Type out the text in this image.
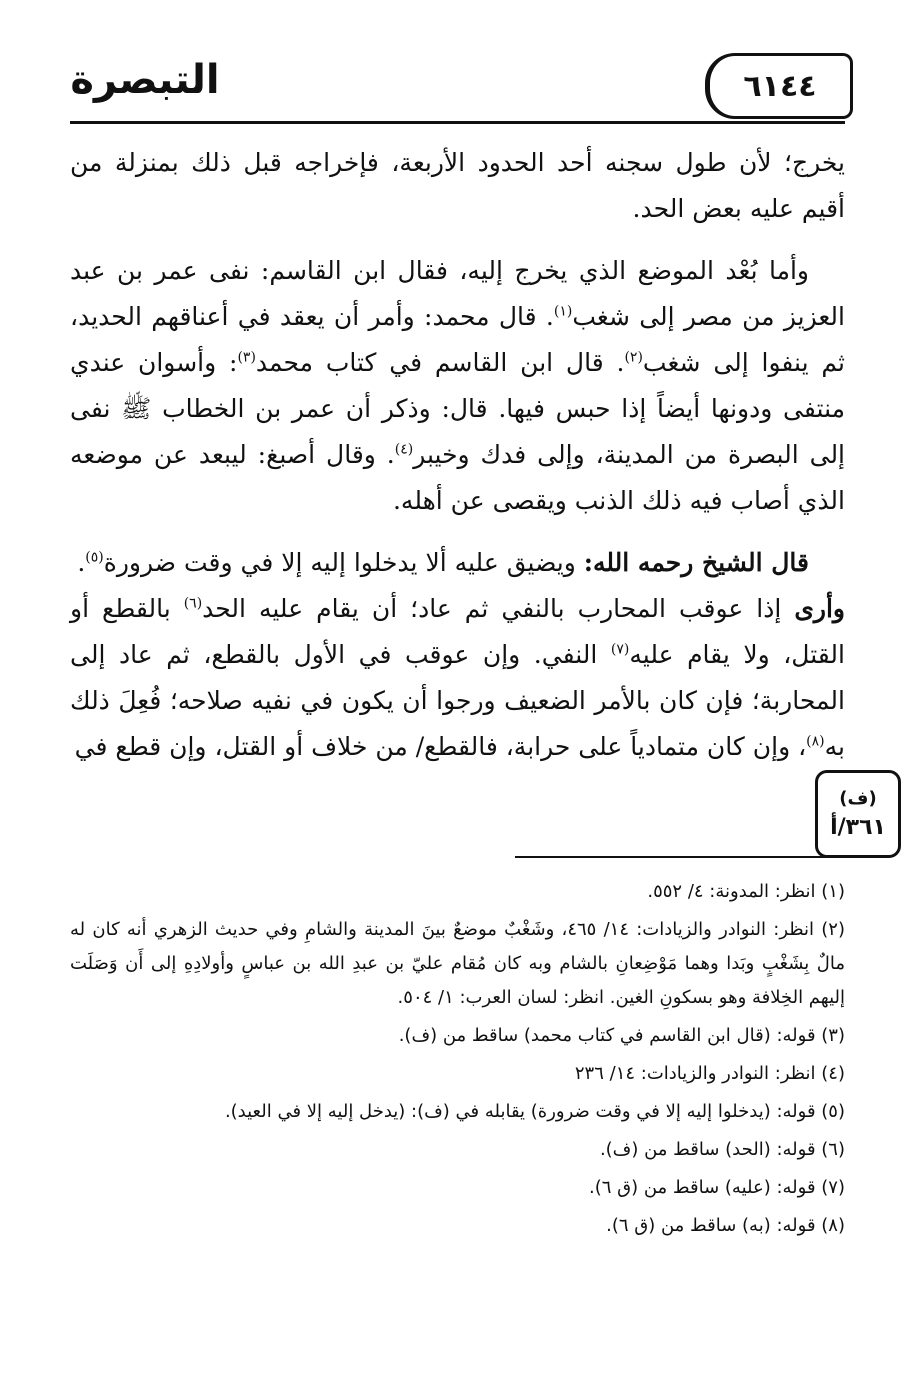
التبصرة	٦١٤٤

يخرج؛ لأن طول سجنه أحد الحدود الأربعة، فإخراجه قبل ذلك بمنزلة من أقيم عليه بعض الحد.

وأما بُعْد الموضع الذي يخرج إليه، فقال ابن القاسم: نفى عمر بن عبد العزيز من مصر إلى شغب$^{(١)}$. قال محمد: وأمر أن يعقد في أعناقهم الحديد، ثم ينفوا إلى شغب$^{(٢)}$. قال ابن القاسم في كتاب محمد$^{(٣)}$: وأسوان عندي منتفى ودونها أيضاً إذا حبس فيها. قال: وذكر أن عمر بن الخطاب ﷺ نفى إلى البصرة من المدينة، وإلى فدك وخيبر$^{(٤)}$. وقال أصبغ: ليبعد عن موضعه الذي أصاب فيه ذلك الذنب ويقصى عن أهله.

قال الشيخ رحمه الله: ويضيق عليه ألا يدخلوا إليه إلا في وقت ضرورة$^{(٥)}$.

وأرى إذا عوقب المحارب بالنفي ثم عاد؛ أن يقام عليه الحد$^{(٦)}$ بالقطع أو القتل، ولا يقام عليه$^{(٧)}$ النفي. وإن عوقب في الأول بالقطع، ثم عاد إلى المحاربة؛ فإن كان بالأمر الضعيف ورجوا أن يكون في نفيه صلاحه؛ فُعِلَ ذلك به$^{(٨)}$، وإن كان متمادياً على حرابة، فالقطع/ من خلاف أو القتل، وإن قطع في

(ف)
٣٦١/أ

(١) انظر: المدونة: ٤/ ٥٥٢.

(٢) انظر: النوادر والزيادات: ١٤/ ٤٦٥، وشَغْبٌ موضعٌ بينَ المدينة والشامِ وفي حديث الزهري أنه كان له مالٌ بِشَغْبٍ وبَدا وهما مَوْضِعانِ بالشام وبه كان مُقام عليّ بن عبدِ الله بن عباسٍ وأولادِهِ إلى أَن وَصَلَت إليهم الخِلافة وهو بسكونِ الغين. انظر: لسان العرب: ١/ ٥٠٤.

(٣) قوله: (قال ابن القاسم في كتاب محمد) ساقط من (ف).

(٤) انظر: النوادر والزيادات: ١٤/ ٢٣٦

(٥) قوله: (يدخلوا إليه إلا في وقت ضرورة) يقابله في (ف): (يدخل إليه إلا في العيد).

(٦) قوله: (الحد) ساقط من (ف).

(٧) قوله: (عليه) ساقط من (ق ٦).

(٨) قوله: (به) ساقط من (ق ٦).
